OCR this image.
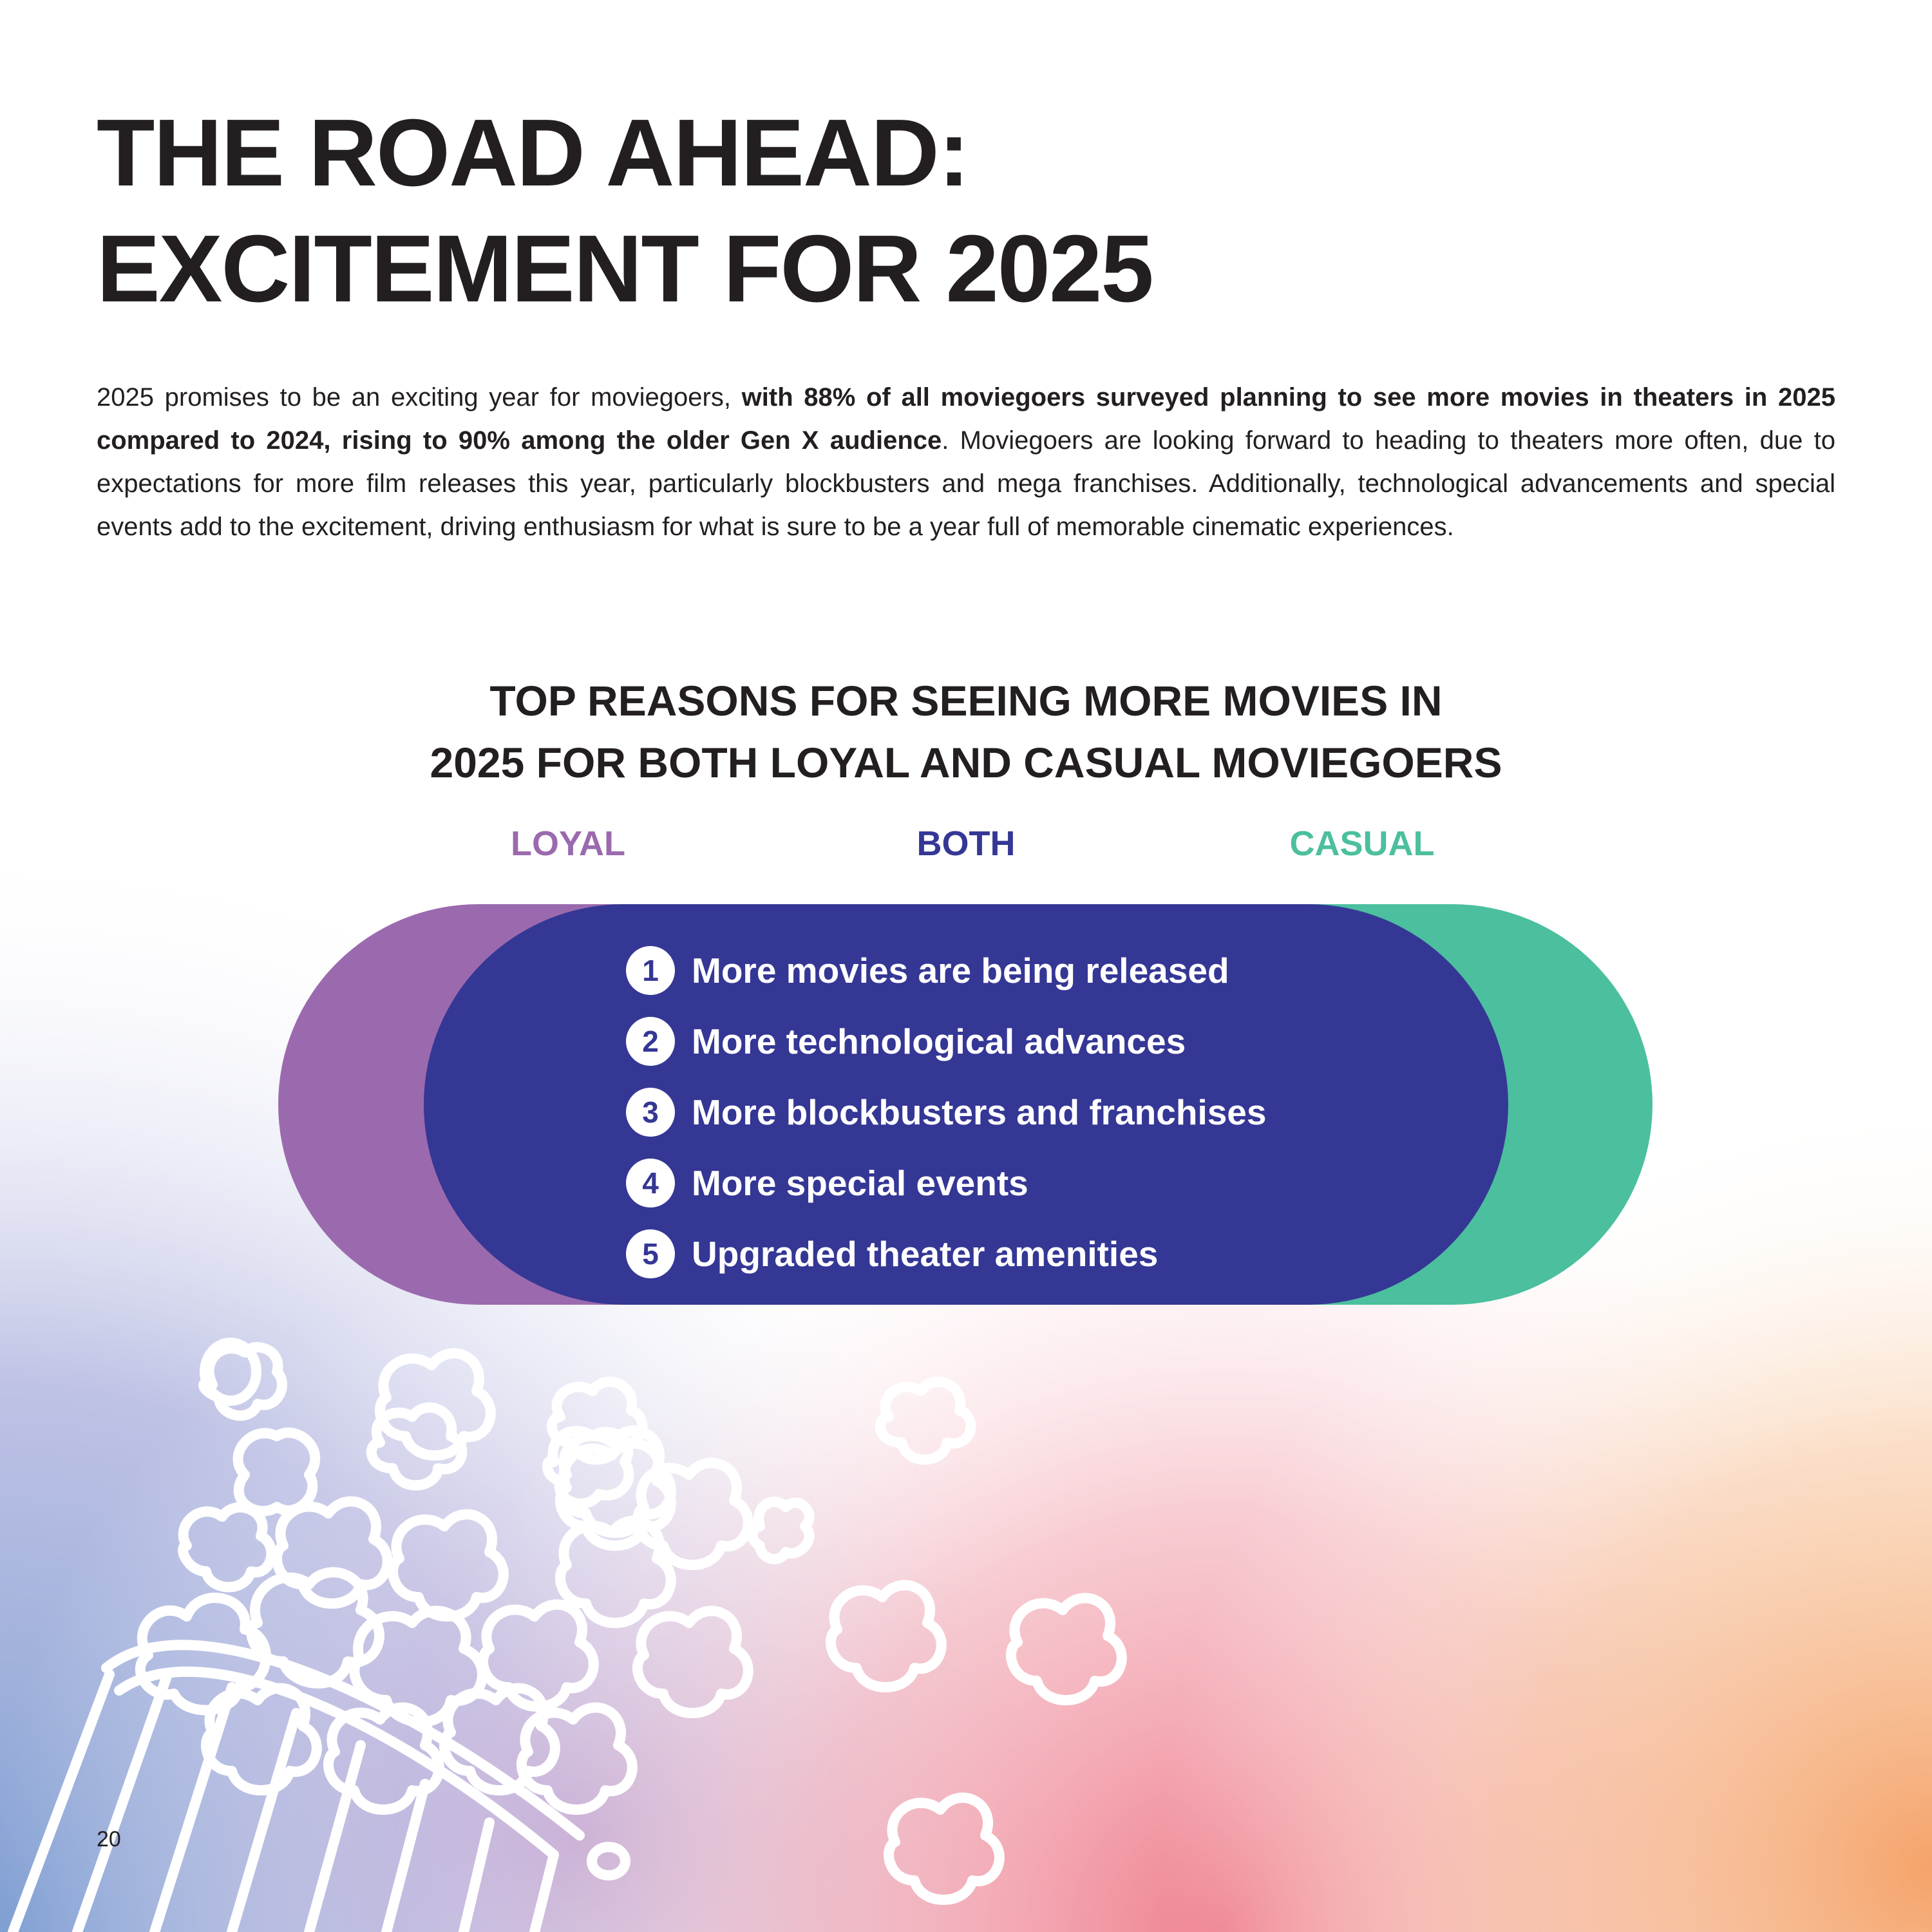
THE ROAD AHEAD:
EXCITEMENT FOR 2025

2025 promises to be an exciting year for moviegoers, with 88% of all moviegoers surveyed planning to see more movies in theaters in 2025 compared to 2024, rising to 90% among the older Gen X audience. Moviegoers are looking forward to heading to theaters more often, due to expectations for more film releases this year, particularly blockbusters and mega franchises. Additionally, technological advancements and special events add to the excitement, driving enthusiasm for what is sure to be a year full of memorable cinematic experiences.

TOP REASONS FOR SEEING MORE MOVIES IN
2025 FOR BOTH LOYAL AND CASUAL MOVIEGOERS
LOYAL	BOTH	CASUAL
1 More movies are being released
2 More technological advances
3 More blockbusters and franchises
4 More special events
5 Upgraded theater amenities
20
